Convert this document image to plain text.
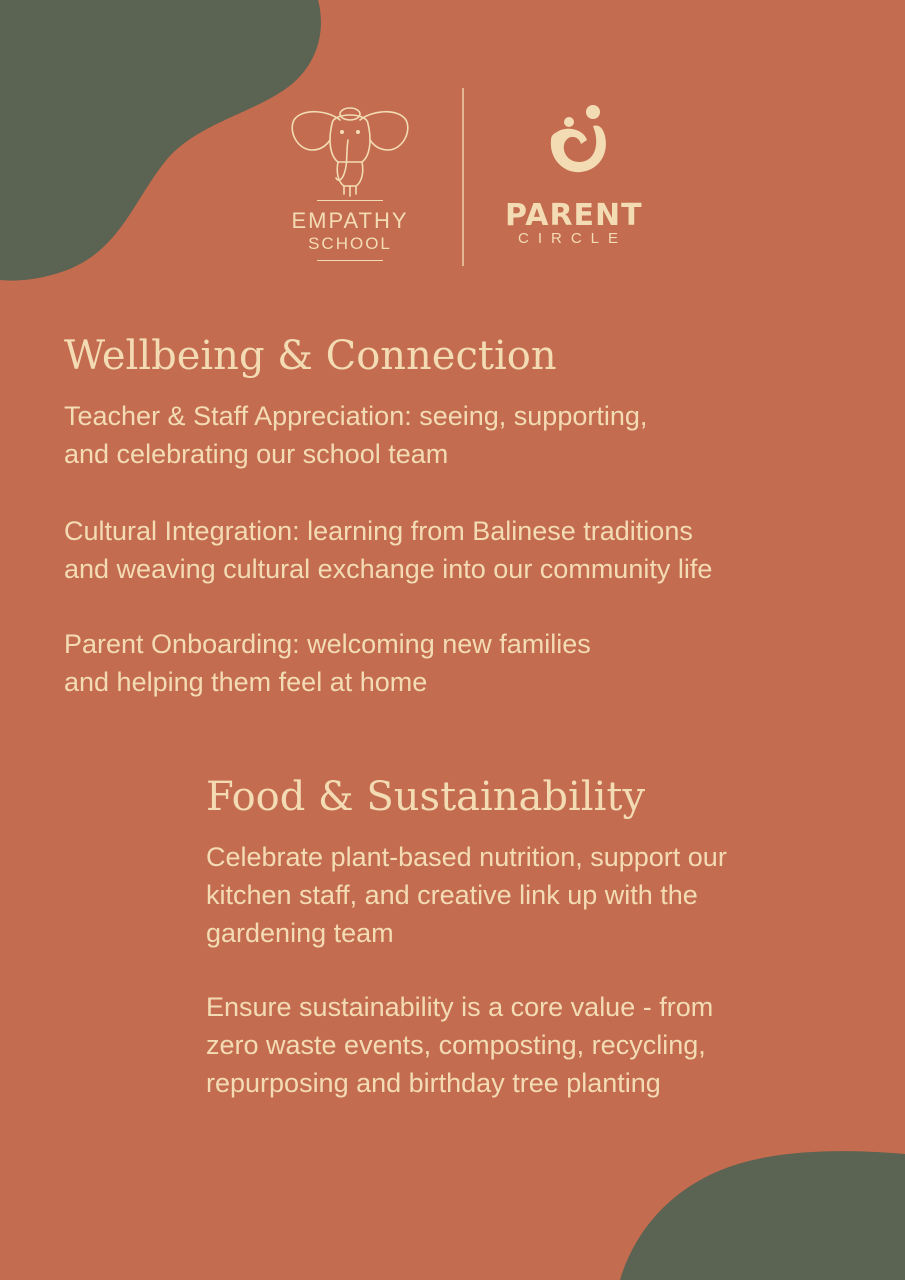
EMPATHY
SCHOOL
PARENT
CIRCLE
Wellbeing & Connection

Teacher & Staff Appreciation: seeing, supporting,
and celebrating our school team

Cultural Integration: learning from Balinese traditions
and weaving cultural exchange into our community life

Parent Onboarding: welcoming new families
and helping them feel at home

Food & Sustainability

Celebrate plant-based nutrition, support our
kitchen staff, and creative link up with the
gardening team

Ensure sustainability is a core value - from
zero waste events, composting, recycling,
repurposing and birthday tree planting
